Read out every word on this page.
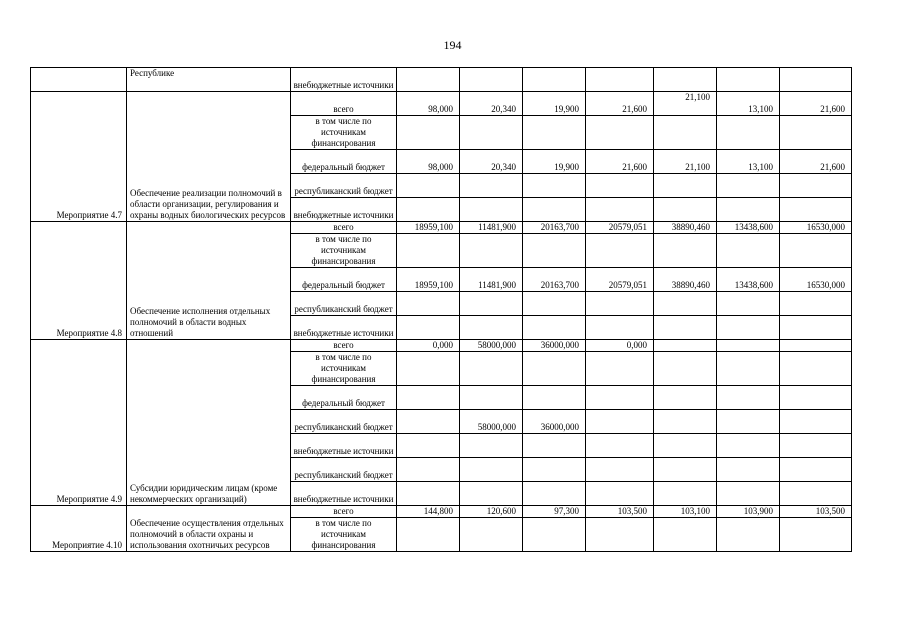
194
	Республике	внебюджетные источники							
Мероприятие 4.7	Обеспечение реализации полномочий в области организации, регулирования и охраны водных биологических ресурсов	всего	98,000	20,340	19,900	21,600	21,100	13,100	21,600
		в том числе по источникам финансирования							
		федеральный бюджет	98,000	20,340	19,900	21,600	21,100	13,100	21,600
		республиканский бюджет							
		внебюджетные источники							
Мероприятие 4.8	Обеспечение исполнения отдельных полномочий в области водных отношений	всего	18959,100	11481,900	20163,700	20579,051	38890,460	13438,600	16530,000
		в том числе по источникам финансирования							
		федеральный бюджет	18959,100	11481,900	20163,700	20579,051	38890,460	13438,600	16530,000
		республиканский бюджет							
		внебюджетные источники							
Мероприятие 4.9	Субсидии юридическим лицам (кроме некоммерческих организаций)	всего	0,000	58000,000	36000,000	0,000			
		в том числе по источникам финансирования							
		федеральный бюджет							
		республиканский бюджет		58000,000	36000,000				
		внебюджетные источники							
		республиканский бюджет							
		внебюджетные источники							
Мероприятие 4.10	Обеспечение осуществления отдельных полномочий в области охраны и использования охотничьих ресурсов	всего	144,800	120,600	97,300	103,500	103,100	103,900	103,500
		в том числе по источникам финансирования							
